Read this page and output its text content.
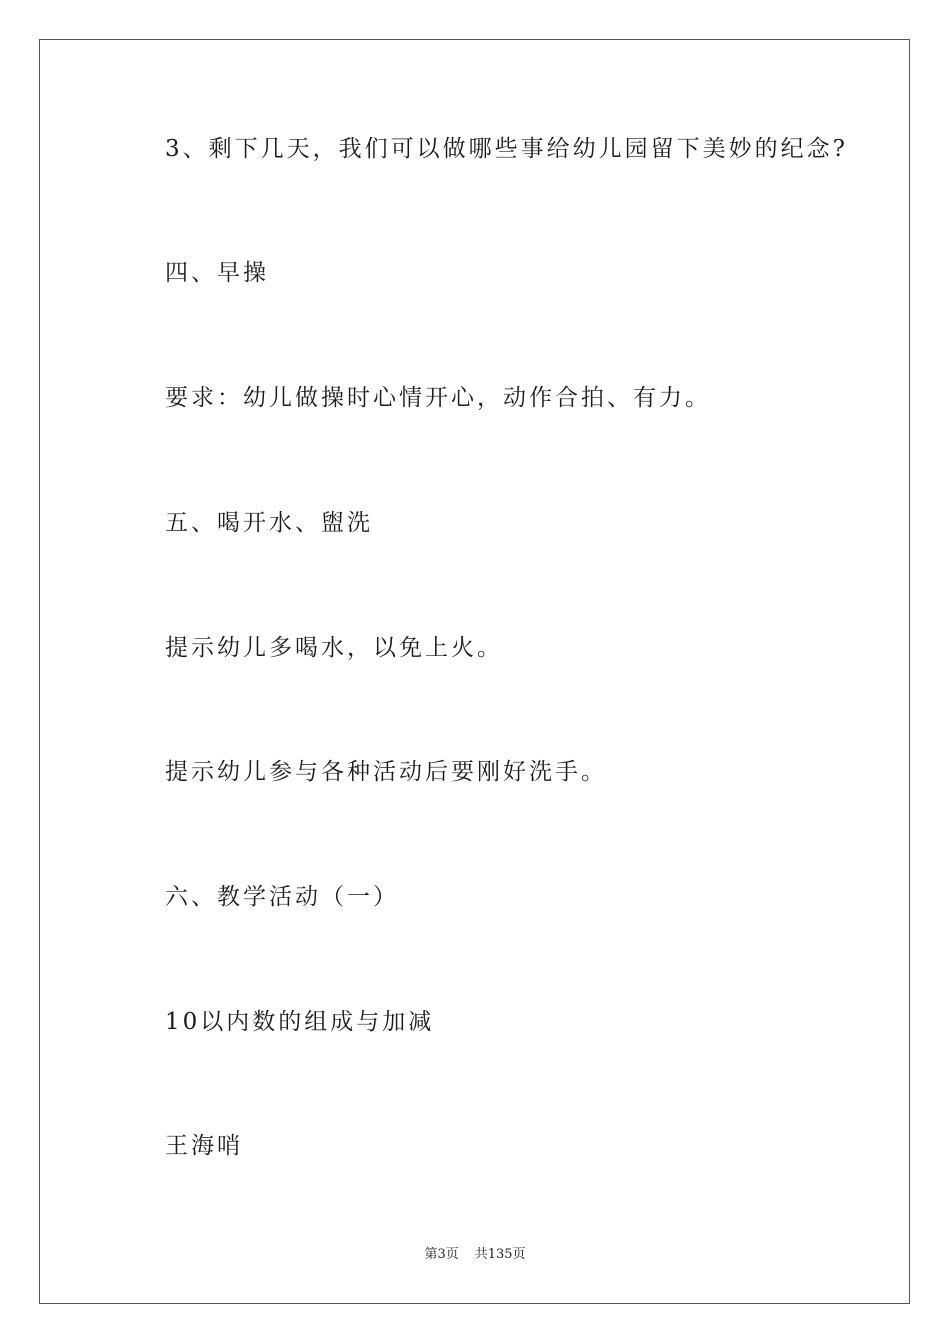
3、剩下几天，我们可以做哪些事给幼儿园留下美妙的纪念?
四、早操
要求：幼儿做操时心情开心，动作合拍、有力。
五、喝开水、盥洗
提示幼儿多喝水，以免上火。
提示幼儿参与各种活动后要刚好洗手。
六、教学活动（一）
10以内数的组成与加减
王海哨
第3页 共135页
